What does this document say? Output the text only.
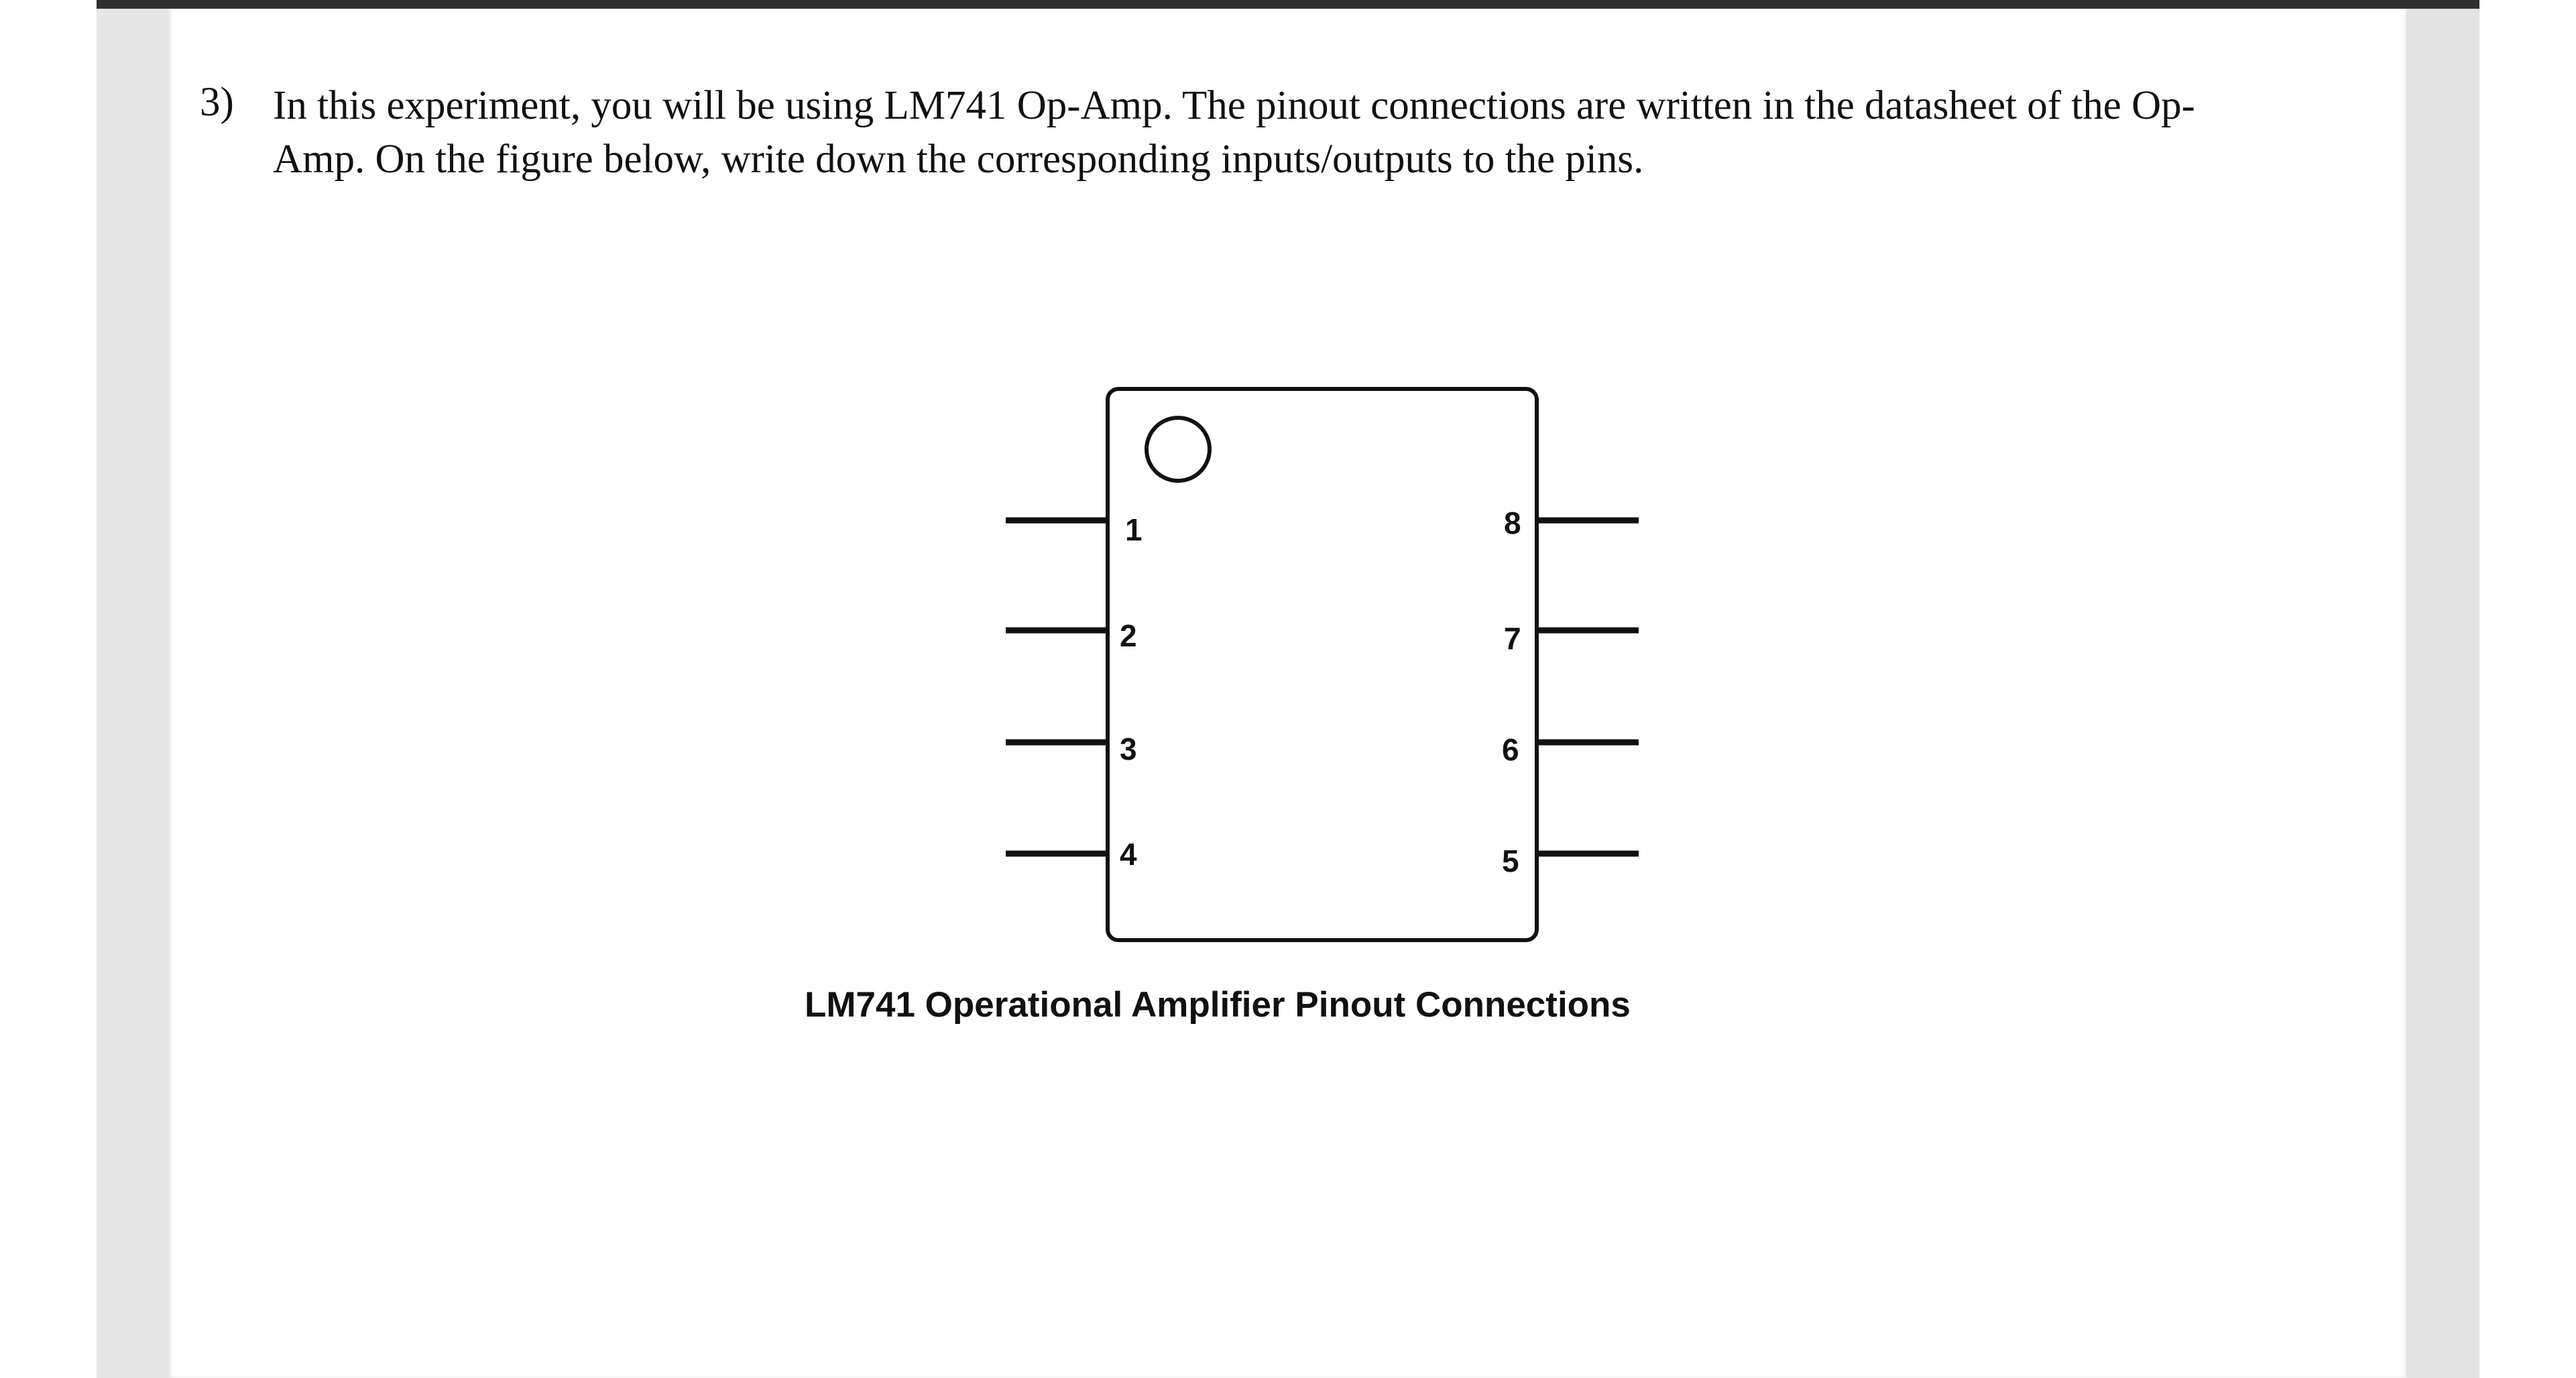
3) In this experiment, you will be using LM741 Op-Amp. The pinout connections are written in the datasheet of the Op-Amp. On the figure below, write down the corresponding inputs/outputs to the pins.
1
2
3
4
8
7
6
5
LM741 Operational Amplifier Pinout Connections
